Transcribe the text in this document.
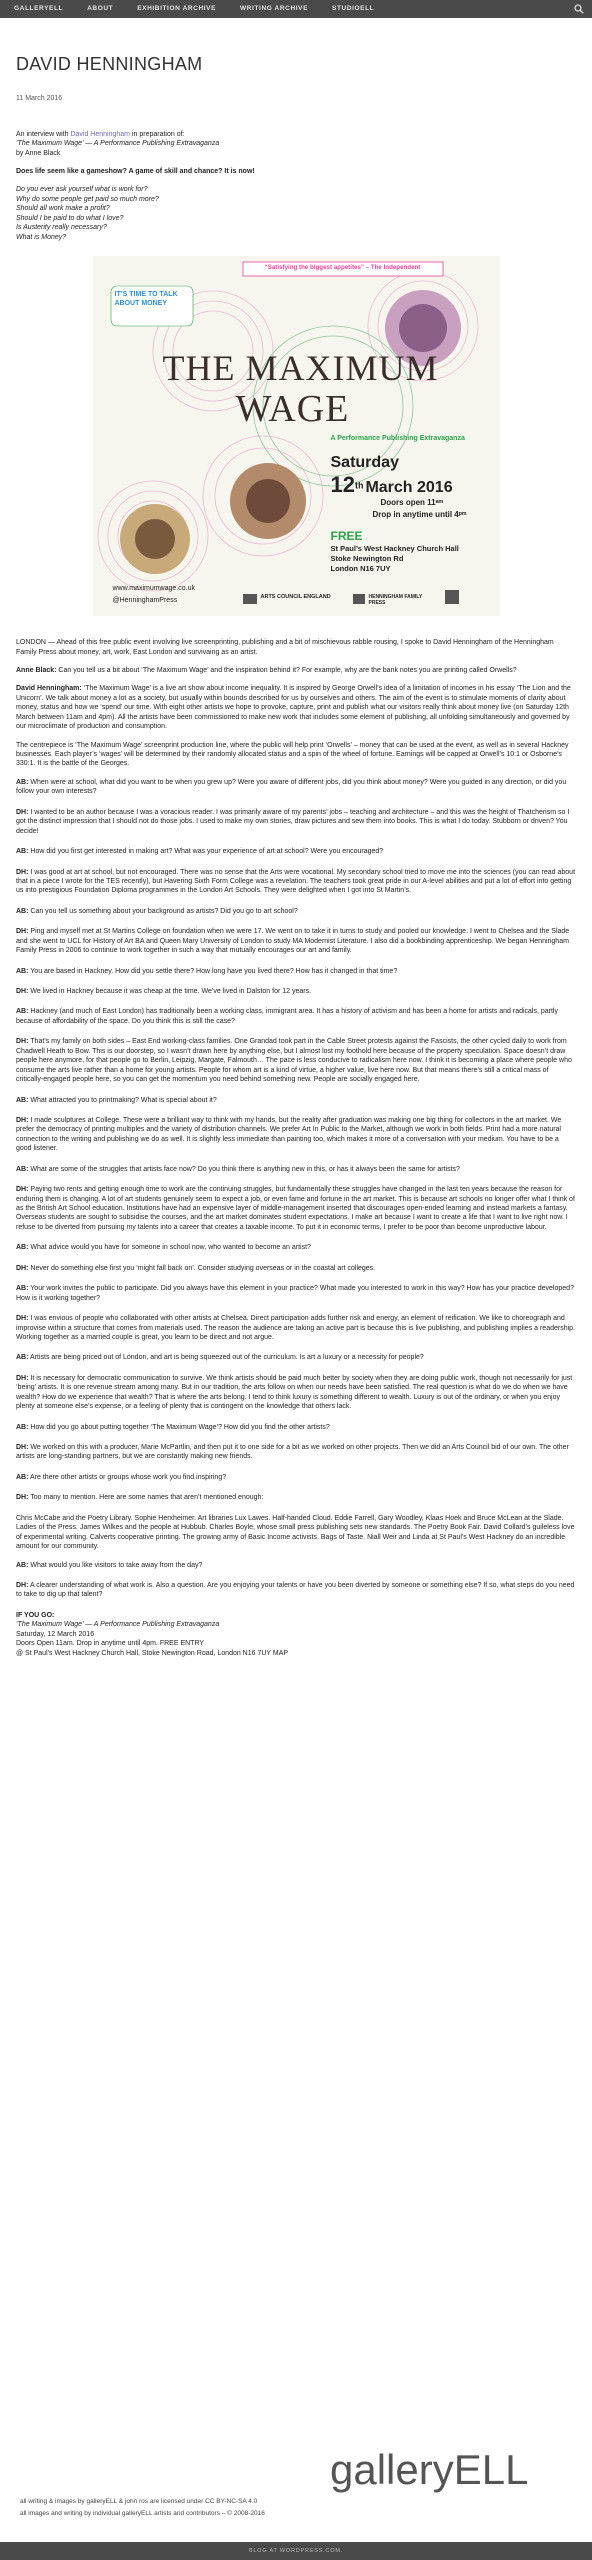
GALLERYELL	ABOUT	EXHIBITION ARCHIVE	WRITING ARCHIVE	STUDIOELL
DAVID HENNINGHAM
11 March 2016
An interview with David Henningham in preparation of:
‘The Maximum Wage’ — A Performance Publishing Extravaganza
by Anne Black

Does life seem like a gameshow? A game of skill and chance? It is now!

Do you ever ask yourself what is work for?
Why do some people get paid so much more?
Should all work make a profit?
Should I be paid to do what I love?
Is Austerity really necessary?
What is Money?
“Satisfying the biggest appetites” – The Independent
IT’S TIME TO TALK ABOUT MONEY
THE MAXIMUM
WAGE
A Performance Publishing Extravaganza
Saturday
12th March 2016
Doors open 11ᵃᵐ
Drop in anytime until 4ᵖᵐ
FREE
St Paul’s West Hackney Church Hall
Stoke Newington Rd
London N16 7UY
www.maximumwage.co.uk
@HenninghamPress	ARTS COUNCIL ENGLAND	HENNINGHAM FAMILY PRESS

LONDON — Ahead of this free public event involving live screenprinting, publishing and a bit of mischievous rabble rousing, I spoke to David Henningham of the Henningham Family Press about money, art, work, East London and survivaing as an artist.

Anne Black: Can you tell us a bit about ‘The Maximum Wage’ and the inspiration behind it? For example, why are the bank notes you are printing called Orwells?

David Henningham: ‘The Maximum Wage’ is a live art show about income inequality. It is inspired by George Orwell’s idea of a limitation of incomes in his essay ‘The Lion and the Unicorn’. We talk about money a lot as a society, but usually within bounds described for us by ourselves and others. The aim of the event is to stimulate moments of clarity about money, status and how we ‘spend’ our time. With eight other artists we hope to provoke, capture, print and publish what our visitors really think about money live (on Saturday 12th March between 11am and 4pm). All the artists have been commissioned to make new work that includes some element of publishing, all unfolding simultaneously and governed by our microclimate of production and consumption.

The centrepiece is ‘The Maximum Wage’ screenprint production line, where the public will help print ‘Orwells’ – money that can be used at the event, as well as in several Hackney businesses. Each player’s ‘wages’ will be determined by their randomly allocated status and a spin of the wheel of fortune. Earnings will be capped at Orwell’s 10:1 or Osborne’s 330:1. It is the battle of the Georges.

AB: When were at school, what did you want to be when you grew up? Were you aware of different jobs, did you think about money? Were you guided in any direction, or did you follow your own interests?

DH: I wanted to be an author because I was a voracious reader. I was primarily aware of my parents’ jobs – teaching and architecture – and this was the height of Thatcherism so I got the distinct impression that I should not do those jobs. I used to make my own stories, draw pictures and sew them into books. This is what I do today. Stubborn or driven? You decide!

AB: How did you first get interested in making art? What was your experience of art at school? Were you encouraged?

DH: I was good at art at school, but not encouraged. There was no sense that the Arts were vocational. My secondary school tried to move me into the sciences (you can read about that in a piece I wrote for the TES recently), but Havering Sixth Form College was a revelation. The teachers took great pride in our A-level abilities and put a lot of effort into getting us into prestigious Foundation Diploma programmes in the London Art Schools. They were delighted when I got into St Martin’s.

AB: Can you tell us something about your background as artists? Did you go to art school?

DH: Ping and myself met at St Martins College on foundation when we were 17. We went on to take it in turns to study and pooled our knowledge. I went to Chelsea and the Slade and she went to UCL for History of Art BA and Queen Mary University of London to study MA Modernist Literature. I also did a bookbinding apprenticeship. We began Henningham Family Press in 2006 to continue to work together in such a way that mutually encourages our art and family.

AB: You are based in Hackney. How did you settle there? How long have you lived there? How has it changed in that time?

DH: We lived in Hackney because it was cheap at the time. We’ve lived in Dalston for 12 years.

AB: Hackney (and much of East London) has traditionally been a working class, immigrant area. It has a history of activism and has been a home for artists and radicals, partly because of affordability of the space. Do you think this is still the case?

DH: That’s my family on both sides – East End working-class families. One Grandad took part in the Cable Street protests against the Fascists, the other cycled daily to work from Chadwell Heath to Bow. This is our doorstep, so I wasn’t drawn here by anything else, but I almost lost my foothold here because of the property speculation. Space doesn’t draw people here anymore, for that people go to Berlin, Leipzig, Margate, Falmouth… The pace is less conducive to radicalism here now. I think it is becoming a place where people who consume the arts live rather than a home for young artists. People for whom art is a kind of virtue, a higher value, live here now. But that means there’s still a critical mass of critically-engaged people here, so you can get the momentum you need behind something new. People are socially engaged here.

AB: What attracted you to printmaking? What is special about it?

DH: I made sculptures at College. These were a brilliant way to think with my hands, but the reality after graduation was making one big thing for collectors in the art market. We prefer the democracy of printing multiples and the variety of distribution channels. We prefer Art In Public to the Market, although we work in both fields. Print had a more natural connection to the writing and publishing we do as well. It is slightly less immediate than painting too, which makes it more of a conversation with your medium. You have to be a good listener.

AB: What are some of the struggles that artists face now? Do you think there is anything new in this, or has it always been the same for artists?

DH: Paying two rents and getting enough time to work are the continuing struggles, but fundamentally these struggles have changed in the last ten years because the reason for enduring them is changing. A lot of art students genuinely seem to expect a job, or even fame and fortune in the art market. This is because art schools no longer offer what I think of as the British Art School education. Institutions have had an expensive layer of middle-management inserted that discourages open-ended learning and instead markets a fantasy. Overseas students are sought to subsidise the courses, and the art market dominates student expectations. I make art because I want to create a life that I want to live right now. I refuse to be diverted from pursuing my talents into a career that creates a taxable income. To put it in economic terms, I prefer to be poor than become unproductive labour.

AB: What advice would you have for someone in school now, who wanted to become an artist?

DH: Never do something else first you ‘might fall back on’. Consider studying overseas or in the coastal art colleges.

AB: Your work invites the public to participate. Did you always have this element in your practice? What made you interested to work in this way? How has your practice developed? How is it working together?

DH: I was envious of people who collaborated with other artists at Chelsea. Direct participation adds further risk and energy, an element of reification. We like to choreograph and improvise within a structure that comes from materials used. The reason the audience are taking an active part is because this is live publishing, and publishing implies a readership. Working together as a married couple is great, you learn to be direct and not argue.

AB: Artists are being priced out of London, and art is being squeezed out of the curriculum. Is art a luxury or a necessity for people?

DH: It is necessary for democratic communication to survive. We think artists should be paid much better by society when they are doing public work, though not necessarily for just ‘being’ artists. It is one revenue stream among many. But in our tradition, the arts follow on when our needs have been satisfied. The real question is what do we do when we have wealth? How do we experience that wealth? That is where the arts belong. I tend to think luxury is something different to wealth. Luxury is out of the ordinary, or when you enjoy plenty at someone else’s expense, or a feeling of plenty that is contingent on the knowledge that others lack.

AB: How did you go about putting together ‘The Maximum Wage’? How did you find the other artists?

DH: We worked on this with a producer, Marie McPartlin, and then put it to one side for a bit as we worked on other projects. Then we did an Arts Council bid of our own. The other artists are long-standing partners, but we are constantly making new friends.

AB: Are there other artists or groups whose work you find inspiring?

DH: Too many to mention. Here are some names that aren’t mentioned enough:

Chris McCabe and the Poetry Library. Sophie Herxheimer. Art libraries Lux Lawes. Half-handed Cloud. Eddie Farrell, Gary Woodley, Klaas Hoek and Bruce McLean at the Slade. Ladies of the Press. James Wilkes and the people at Hubbub. Charles Boyle, whose small press publishing sets new standards. The Poetry Book Fair. David Collard’s guileless love of experimental writing. Calverts cooperative printing. The growing army of Basic Income activists. Bags of Taste. Niall Weir and Linda at St Paul’s West Hackney do an incredible amount for our community.

AB: What would you like visitors to take away from the day?

DH: A clearer understanding of what work is. Also a question. Are you enjoying your talents or have you been diverted by someone or something else? If so, what steps do you need to take to dig up that talent?

IF YOU GO:
‘The Maximum Wage’ — A Performance Publishing Extravaganza
Saturday, 12 March 2016
Doors Open 11am. Drop in anytime until 4pm. FREE ENTRY
@ St Paul’s West Hackney Church Hall, Stoke Newington Road, London N16 7UY MAP
galleryELL
all writing & images by galleryELL & john ros are licensed under CC BY-NC-SA 4.0
all images and writing by individual galleryELL artists and contributors – © 2008-2016
BLOG AT WORDPRESS.COM.
